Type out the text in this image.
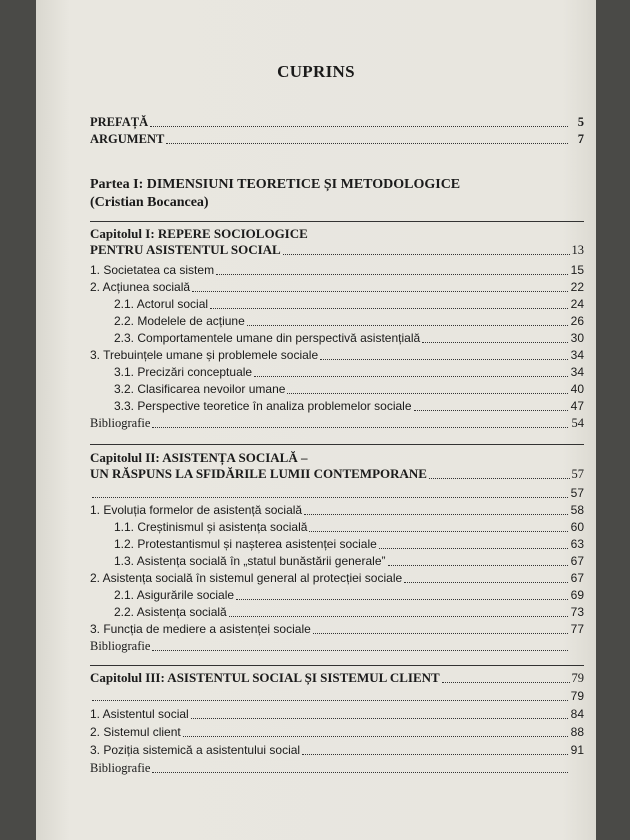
CUPRINS
PREFAȚĂ	5
ARGUMENT	7
Partea I: DIMENSIUNI TEORETICE ȘI METODOLOGICE
(Cristian Bocancea)
Capitolul I: REPERE SOCIOLOGICE
PENTRU ASISTENTUL SOCIAL	13
1. Societatea ca sistem	15
2. Acțiunea socială	22
2.1. Actorul social	24
2.2. Modelele de acțiune	26
2.3. Comportamentele umane din perspectivă asistențială	30
3. Trebuințele umane și problemele sociale	34
3.1. Precizări conceptuale	34
3.2. Clasificarea nevoilor umane	40
3.3. Perspective teoretice în analiza problemelor sociale	47
Bibliografie	54
Capitolul II: ASISTENȚA SOCIALĂ –
UN RĂSPUNS LA SFIDĂRILE LUMII CONTEMPORANE	57
57
1. Evoluția formelor de asistență socială	58
1.1. Creștinismul și asistența socială	60
1.2. Protestantismul și nașterea asistenței sociale	63
1.3. Asistența socială în „statul bunăstării generale”	67
2. Asistența socială în sistemul general al protecției sociale	67
2.1. Asigurările sociale	69
2.2. Asistența socială	73
3. Funcția de mediere a asistenței sociale	77
Bibliografie
Capitolul III: ASISTENTUL SOCIAL ȘI SISTEMUL CLIENT	79
79
1. Asistentul social	84
2. Sistemul client	88
3. Poziția sistemică a asistentului social	91
Bibliografie
